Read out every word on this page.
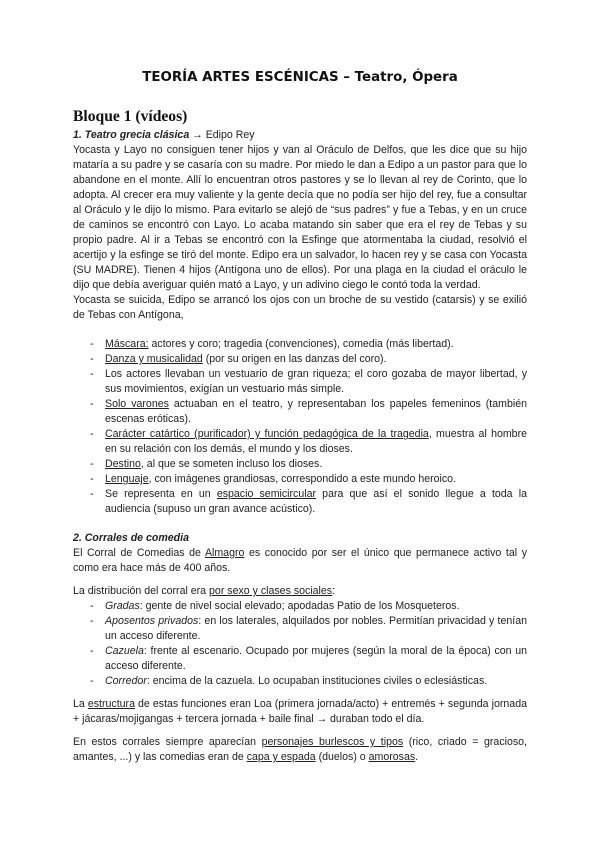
TEORÍA ARTES ESCÉNICAS – Teatro, Ópera
Bloque 1 (vídeos)

1. Teatro grecia clásica → Edipo Rey

Yocasta y Layo no consiguen tener hijos y van al Oráculo de Delfos, que les dice que su hijo mataría a su padre y se casaría con su madre. Por miedo le dan a Edipo a un pastor para que lo abandone en el monte. Allí lo encuentran otros pastores y se lo llevan al rey de Corinto, que lo adopta. Al crecer era muy valiente y la gente decía que no podía ser hijo del rey, fue a consultar al Oráculo y le dijo lo mismo. Para evitarlo se alejó de “sus padres” y fue a Tebas, y en un cruce de caminos se encontró con Layo. Lo acaba matando sin saber que era el rey de Tebas y su propio padre. Al ir a Tebas se encontró con la Esfinge que atormentaba la ciudad, resolvió el acertijo y la esfinge se tiró del monte. Edipo era un salvador, lo hacen rey y se casa con Yocasta (SU MADRE). Tienen 4 hijos (Antígona uno de ellos). Por una plaga en la ciudad el oráculo le dijo que debía averiguar quién mató a Layo, y un adivino ciego le contó toda la verdad.

Yocasta se suicida, Edipo se arrancó los ojos con un broche de su vestido (catarsis) y se exilió de Tebas con Antígona,

- Máscara: actores y coro; tragedia (convenciones), comedia (más libertad).
- Danza y musicalidad (por su origen en las danzas del coro).
- Los actores llevaban un vestuario de gran riqueza; el coro gozaba de mayor libertad, y sus movimientos, exigían un vestuario más simple.
- Solo varones actuaban en el teatro, y representaban los papeles femeninos (también escenas eróticas).
- Carácter catártico (purificador) y función pedagógica de la tragedia, muestra al hombre en su relación con los demás, el mundo y los dioses.
- Destino, al que se someten incluso los dioses.
- Lenguaje, con imágenes grandiosas, correspondido a este mundo heroico.
- Se representa en un espacio semicircular para que así el sonido llegue a toda la audiencia (supuso un gran avance acústico).

2. Corrales de comedia

El Corral de Comedias de Almagro es conocido por ser el único que permanece activo tal y como era hace más de 400 años.

La distribución del corral era por sexo y clases sociales:

- Gradas: gente de nivel social elevado; apodadas Patio de los Mosqueteros.
- Aposentos privados: en los laterales, alquilados por nobles. Permitían privacidad y tenían un acceso diferente.
- Cazuela: frente al escenario. Ocupado por mujeres (según la moral de la época) con un acceso diferente.
- Corredor: encima de la cazuela. Lo ocupaban instituciones civiles o eclesiásticas.

La estructura de estas funciones eran Loa (primera jornada/acto) + entremés + segunda jornada + jácaras/mojigangas + tercera jornada + baile final → duraban todo el día.

En estos corrales siempre aparecían personajes burlescos y tipos (rico, criado = gracioso, amantes, ...) y las comedias eran de capa y espada (duelos) o amorosas.
